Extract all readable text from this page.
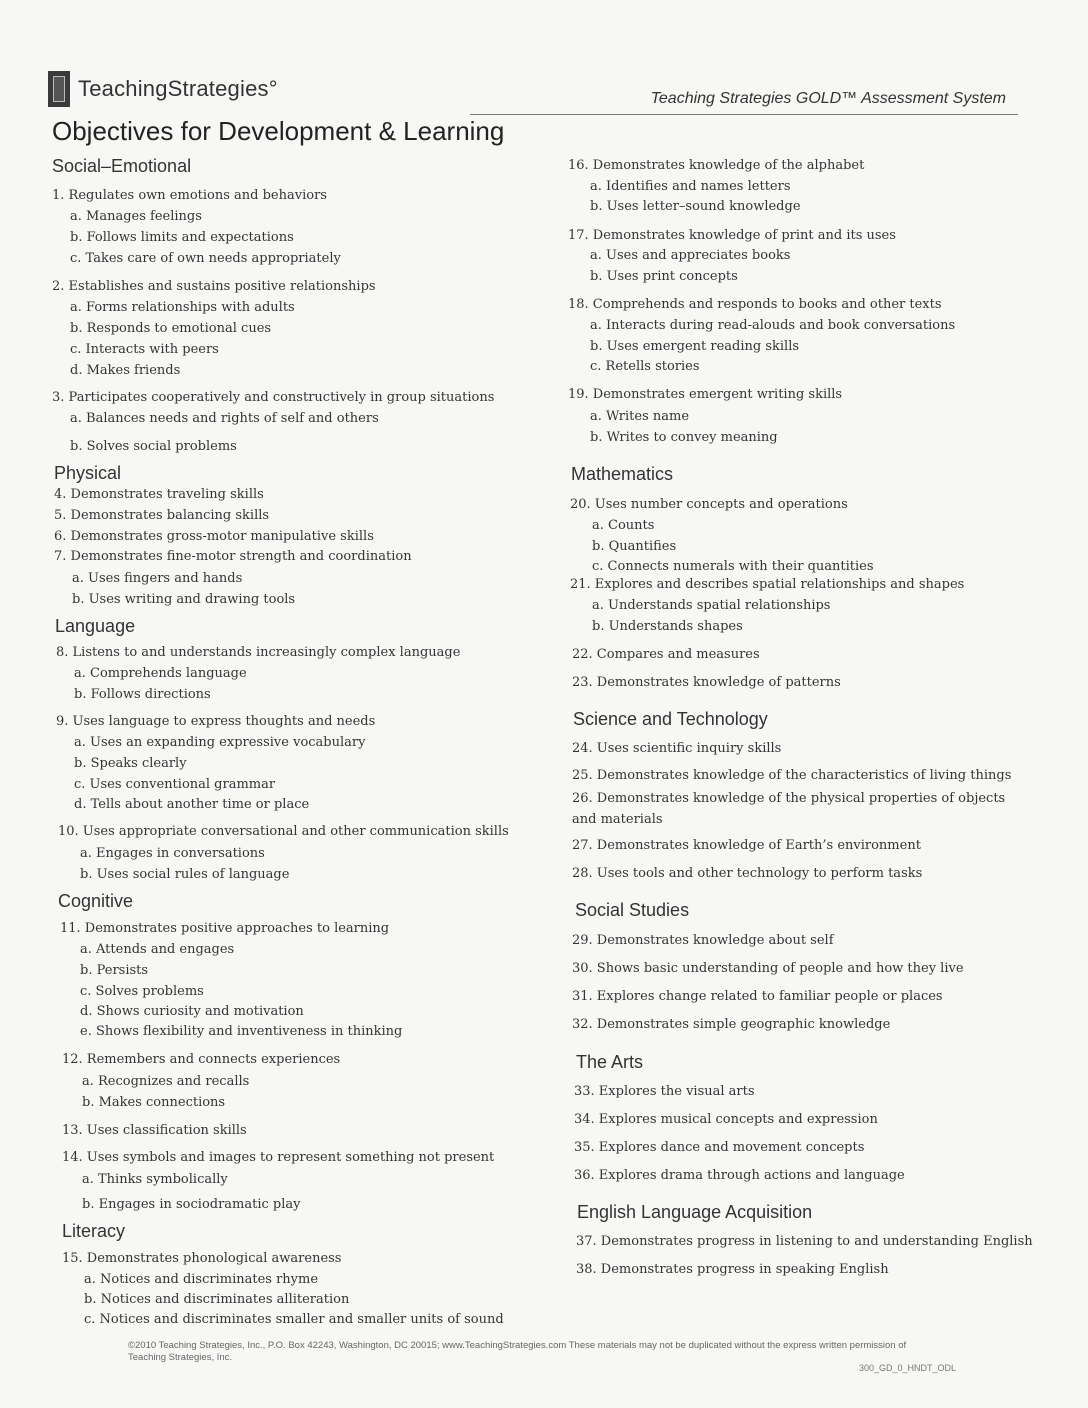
TeachingStrategies°	Teaching Strategies GOLD™ Assessment System
Objectives for Development & Learning
Social–Emotional
1. Regulates own emotions and behaviors
a. Manages feelings
b. Follows limits and expectations
c. Takes care of own needs appropriately
2. Establishes and sustains positive relationships
a. Forms relationships with adults
b. Responds to emotional cues
c. Interacts with peers
d. Makes friends
3. Participates cooperatively and constructively in group situations
a. Balances needs and rights of self and others
b. Solves social problems
Physical
4. Demonstrates traveling skills
5. Demonstrates balancing skills
6. Demonstrates gross-motor manipulative skills
7. Demonstrates fine-motor strength and coordination
a. Uses fingers and hands
b. Uses writing and drawing tools
Language
8. Listens to and understands increasingly complex language
a. Comprehends language
b. Follows directions
9. Uses language to express thoughts and needs
a. Uses an expanding expressive vocabulary
b. Speaks clearly
c. Uses conventional grammar
d. Tells about another time or place
10. Uses appropriate conversational and other communication skills
a. Engages in conversations
b. Uses social rules of language
Cognitive
11. Demonstrates positive approaches to learning
a. Attends and engages
b. Persists
c. Solves problems
d. Shows curiosity and motivation
e. Shows flexibility and inventiveness in thinking
12. Remembers and connects experiences
a. Recognizes and recalls
b. Makes connections
13. Uses classification skills
14. Uses symbols and images to represent something not present
a. Thinks symbolically
b. Engages in sociodramatic play
Literacy
15. Demonstrates phonological awareness
a. Notices and discriminates rhyme
b. Notices and discriminates alliteration
c. Notices and discriminates smaller and smaller units of sound
16. Demonstrates knowledge of the alphabet
a. Identifies and names letters
b. Uses letter–sound knowledge
17. Demonstrates knowledge of print and its uses
a. Uses and appreciates books
b. Uses print concepts
18. Comprehends and responds to books and other texts
a. Interacts during read-alouds and book conversations
b. Uses emergent reading skills
c. Retells stories
19. Demonstrates emergent writing skills
a. Writes name
b. Writes to convey meaning
Mathematics
20. Uses number concepts and operations
a. Counts
b. Quantifies
c. Connects numerals with their quantities
21. Explores and describes spatial relationships and shapes
a. Understands spatial relationships
b. Understands shapes
22. Compares and measures
23. Demonstrates knowledge of patterns
Science and Technology
24. Uses scientific inquiry skills
25. Demonstrates knowledge of the characteristics of living things
26. Demonstrates knowledge of the physical properties of objects and materials
27. Demonstrates knowledge of Earth’s environment
28. Uses tools and other technology to perform tasks
Social Studies
29. Demonstrates knowledge about self
30. Shows basic understanding of people and how they live
31. Explores change related to familiar people or places
32. Demonstrates simple geographic knowledge
The Arts
33. Explores the visual arts
34. Explores musical concepts and expression
35. Explores dance and movement concepts
36. Explores drama through actions and language
English Language Acquisition
37. Demonstrates progress in listening to and understanding English
38. Demonstrates progress in speaking English
©2010 Teaching Strategies, Inc., P.O. Box 42243, Washington, DC 20015; www.TeachingStrategies.com These materials may not be duplicated without the express written permission of Teaching Strategies, Inc.
300_GD_0_HNDT_ODL
